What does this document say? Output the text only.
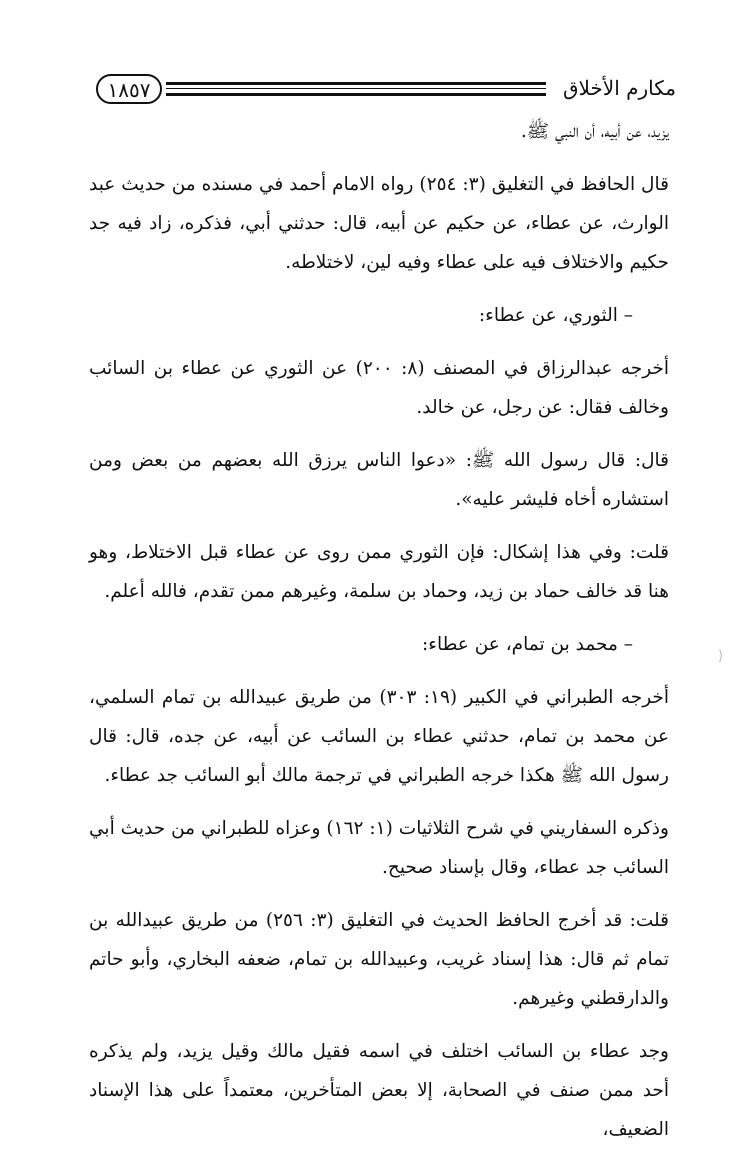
مكارم الأخلاق
١٨٥٧

يزيد، عن أبيه، أن النبي ﷺ.

قال الحافظ في التغليق (٣: ٢٥٤) رواه الامام أحمد في مسنده من حديث عبد الوارث، عن عطاء، عن حكيم عن أبيه، قال: حدثني أبي، فذكره، زاد فيه جد حكيم والاختلاف فيه على عطاء وفيه لين، لاختلاطه.

– الثوري، عن عطاء:

أخرجه عبدالرزاق في المصنف (٨: ٢٠٠) عن الثوري عن عطاء بن السائب وخالف فقال: عن رجل، عن خالد.

قال: قال رسول الله ﷺ: «دعوا الناس يرزق الله بعضهم من بعض ومن استشاره أخاه فليشر عليه».

قلت: وفي هذا إشكال: فإن الثوري ممن روى عن عطاء قبل الاختلاط، وهو هنا قد خالف حماد بن زيد، وحماد بن سلمة، وغيرهم ممن تقدم، فالله أعلم.

– محمد بن تمام، عن عطاء:

أخرجه الطبراني في الكبير (١٩: ٣٠٣) من طريق عبيدالله بن تمام السلمي، عن محمد بن تمام، حدثني عطاء بن السائب عن أبيه، عن جده، قال: قال رسول الله ﷺ هكذا خرجه الطبراني في ترجمة مالك أبو السائب جد عطاء.

وذكره السفاريني في شرح الثلاثيات (١: ١٦٢) وعزاه للطبراني من حديث أبي السائب جد عطاء، وقال بإسناد صحيح.

قلت: قد أخرج الحافظ الحديث في التغليق (٣: ٢٥٦) من طريق عبيدالله بن تمام ثم قال: هذا إسناد غريب، وعبيدالله بن تمام، ضعفه البخاري، وأبو حاتم والدارقطني وغيرهم.

وجد عطاء بن السائب اختلف في اسمه فقيل مالك وقيل يزيد، ولم يذكره أحد ممن صنف في الصحابة، إلا بعض المتأخرين، معتمداً على هذا الإسناد الضعيف،

⟩
